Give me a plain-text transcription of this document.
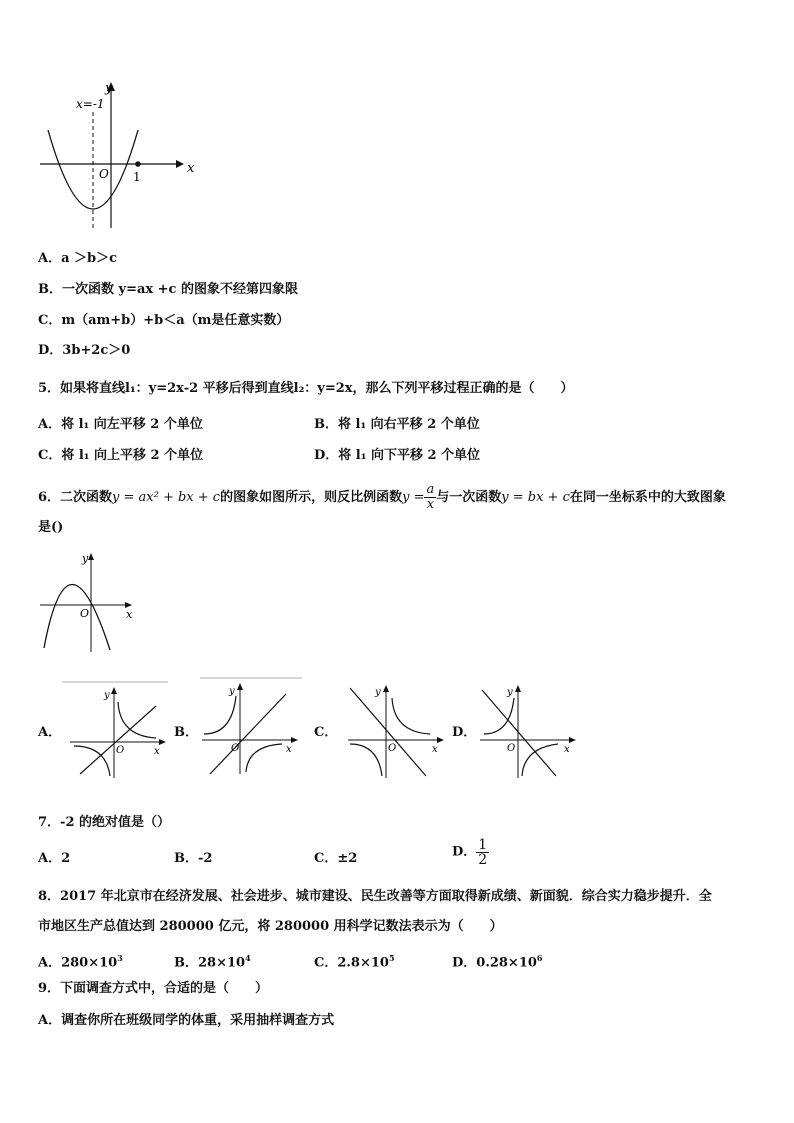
x
y
O
x=-1
1
A．a ＞b＞c
B．一次函数 y=ax +c 的图象不经第四象限
C．m（am+b）+b＜a（m是任意实数）
D．3b+2c＞0
5．如果将直线l₁：y=2x-2 平移后得到直线l₂：y=2x，那么下列平移过程正确的是（　　）
A．将 l₁ 向左平移 2 个单位	B．将 l₁ 向右平移 2 个单位
C．将 l₁ 向上平移 2 个单位	D．将 l₁ 向下平移 2 个单位
6．二次函数y = ax² + bx + c的图象如图所示，则反比例函数$y = \frac{a}{x}$ 与一次函数y = bx + c在同一坐标系中的大致图象
是()
x
y
O
A．	B．	C．	D．
x
y
O	x
y
O	x
y
O	x
y
O
7．-2 的绝对值是（）
A．2	B．-2	C．±2	D． $\frac{1}{2}$
8．2017 年北京市在经济发展、社会进步、城市建设、民生改善等方面取得新成绩、新面貌．综合实力稳步提升．全
市地区生产总值达到 280000 亿元，将 280000 用科学记数法表示为（　　）
A．$280\times 10^3$	B．$28\times 10^4$	C．$2.8\times 10^5$	D．$0.28\times 10^6$
9．下面调查方式中，合适的是（　　）
A．调查你所在班级同学的体重，采用抽样调查方式
